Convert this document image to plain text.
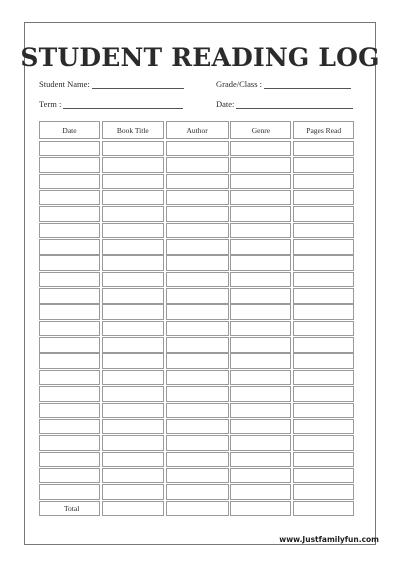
STUDENT READING LOG
Student Name:	Grade/Class :
Term :	Date:
Date	Book Title	Author	Genre	Pages Read
Total
www.Justfamilyfun.com
